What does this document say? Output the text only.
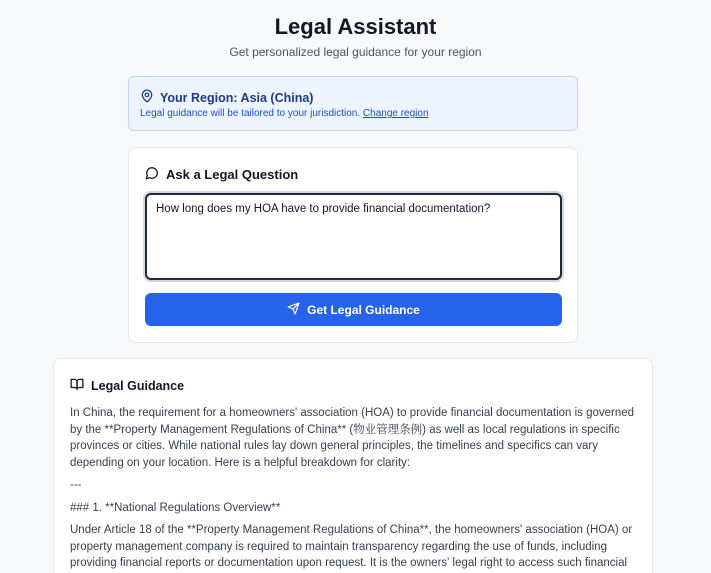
Legal Assistant
Get personalized legal guidance for your region
Your Region: Asia (China)
Legal guidance will be tailored to your jurisdiction. Change region
Ask a Legal Question
How long does my HOA have to provide financial documentation?
Get Legal Guidance
Legal Guidance

In China, the requirement for a homeowners' association (HOA) to provide financial documentation is governed by the **Property Management Regulations of China** (物业管理条例) as well as local regulations in specific provinces or cities. While national rules lay down general principles, the timelines and specifics can vary depending on your location. Here is a helpful breakdown for clarity:

---

### 1. **National Regulations Overview**

Under Article 18 of the **Property Management Regulations of China**, the homeowners' association (HOA) or property management company is required to maintain transparency regarding the use of funds, including providing financial reports or documentation upon request. It is the owners' legal right to access such financial
